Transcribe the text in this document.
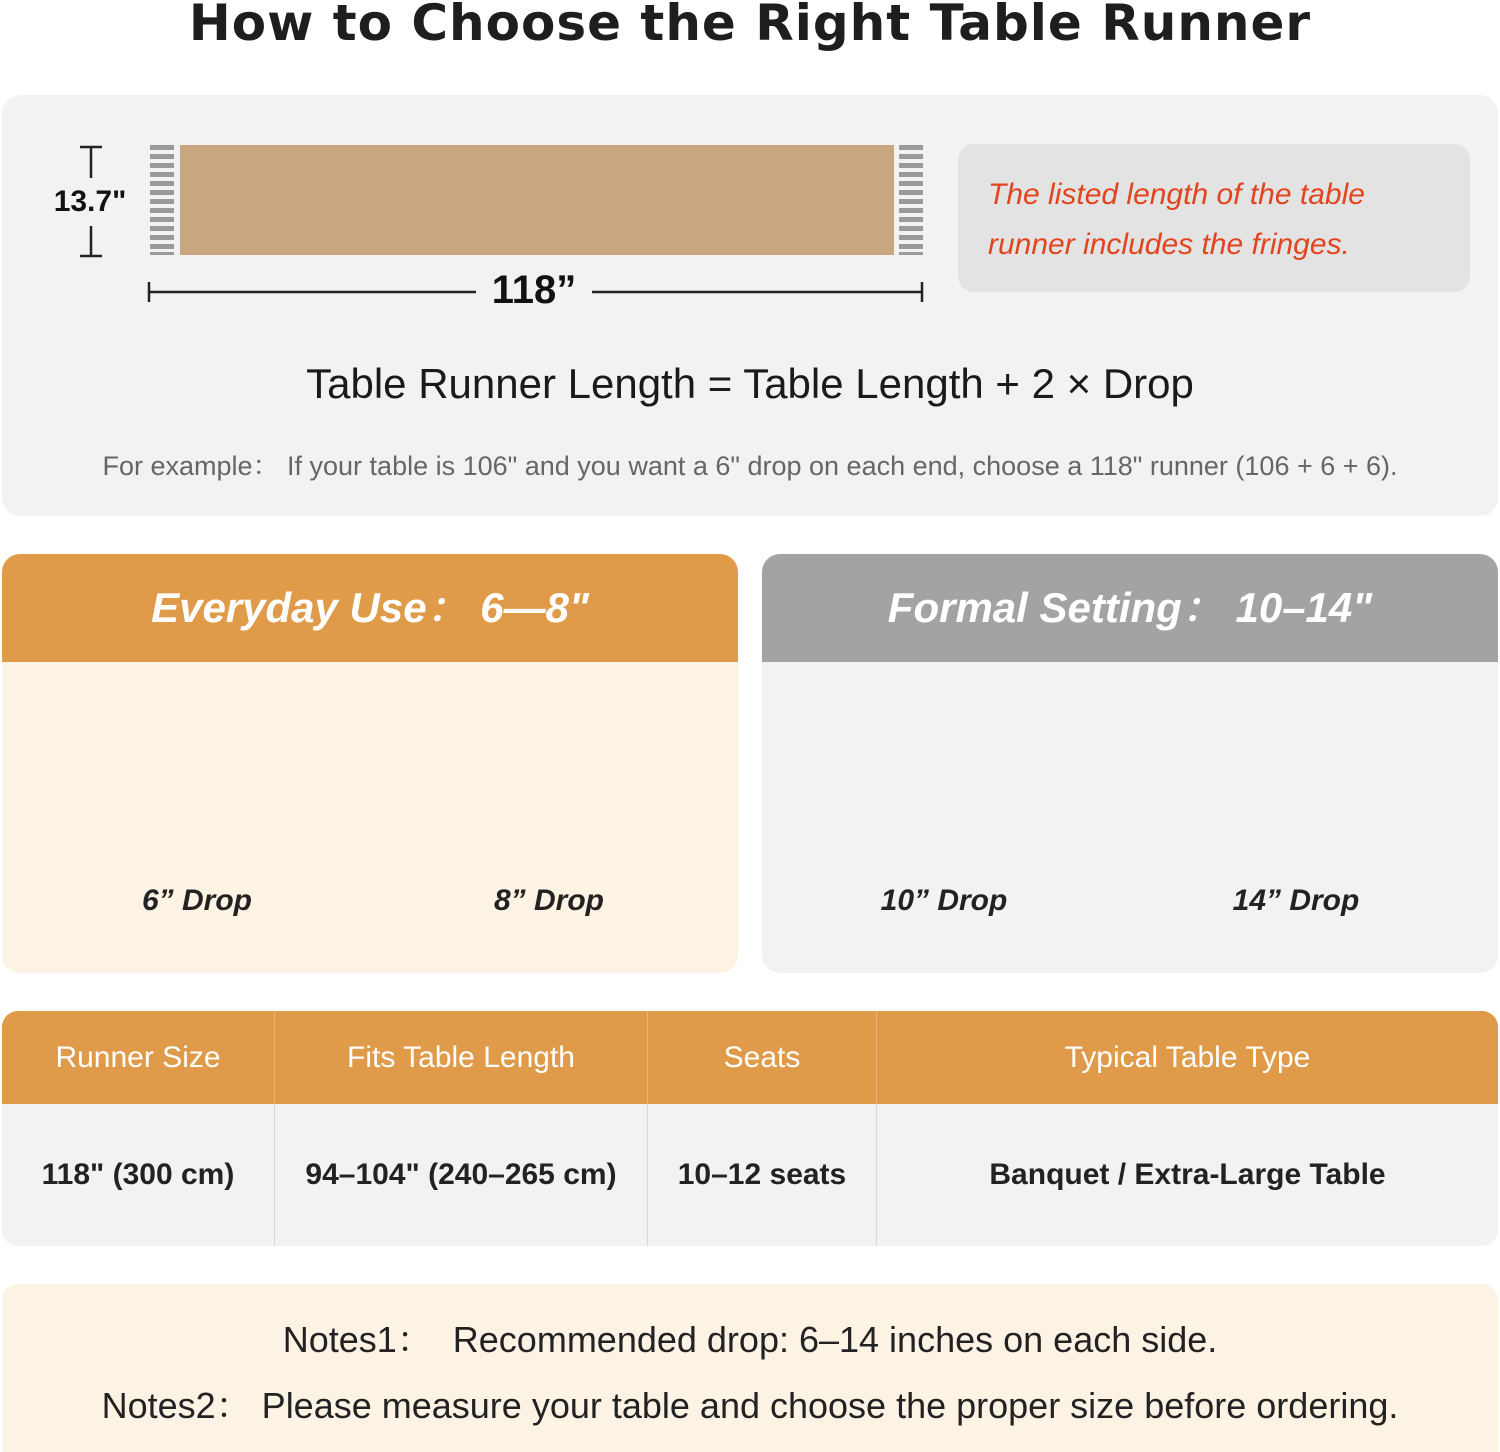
How to Choose the Right Table Runner
13.7"
118”
The listed length of the table runner includes the fringes.
Table Runner Length = Table Length + 2 × Drop
For example： If your table is 106" and you want a 6" drop on each end, choose a 118" runner (106 + 6 + 6).
Everyday Use： 6—8"
6” Drop	8” Drop
Formal Setting： 10–14"
10” Drop	14” Drop
Runner Size	Fits Table Length	Seats	Typical Table Type
118" (300 cm)	94–104" (240–265 cm)	10–12 seats	Banquet / Extra-Large Table
Notes1：  Recommended drop: 6–14 inches on each side.
Notes2： Please measure your table and choose the proper size before ordering.
